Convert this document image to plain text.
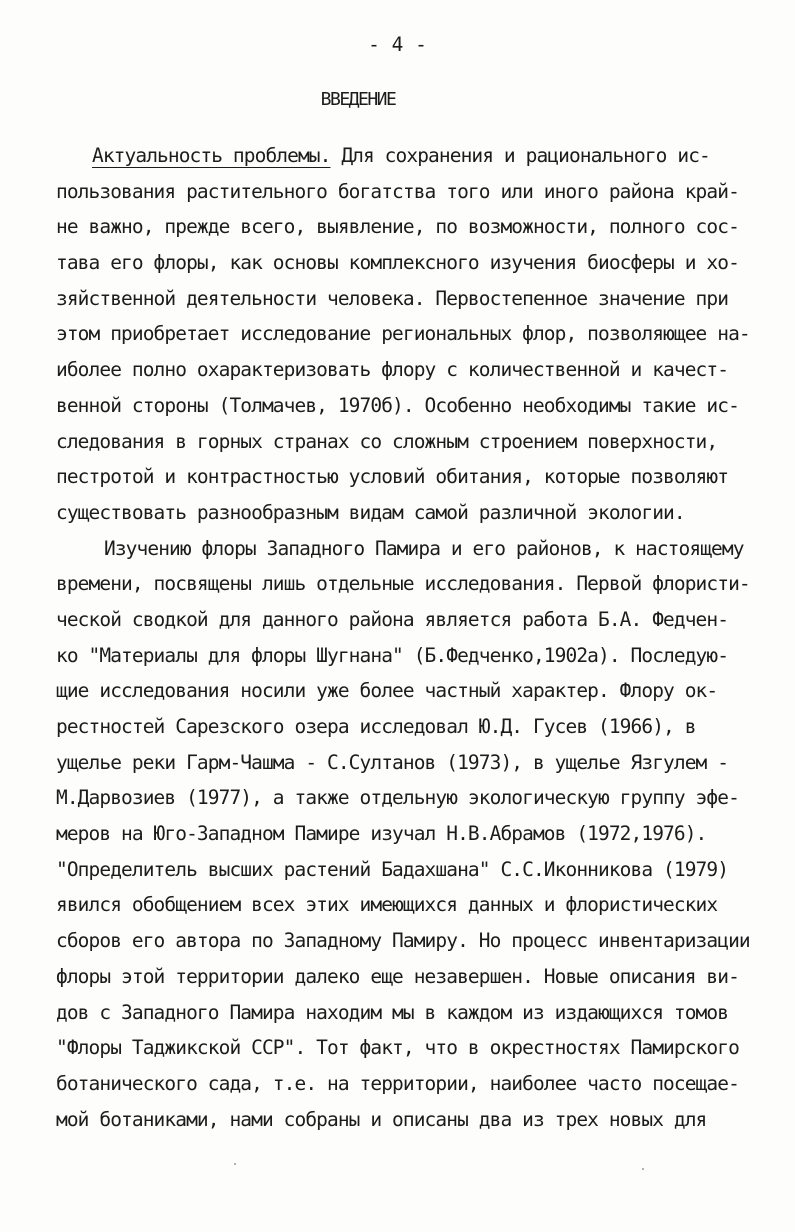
- 4 -
ВВЕДЕНИЕ
Актуальность проблемы. Для сохранения и рационального ис-
пользования растительного богатства того или иного района край-
не важно, прежде всего, выявление, по возможности, полного сос-
тава его флоры, как основы комплексного изучения биосферы и хо-
зяйственной деятельности человека. Первостепенное значение при
этом приобретает исследование региональных флор, позволяющее на-
иболее полно охарактеризовать флору с количественной и качест-
венной стороны (Толмачев, 1970б). Особенно необходимы такие ис-
следования в горных странах со сложным строением поверхности,
пестротой и контрастностью условий обитания, которые позволяют
существовать разнообразным видам самой различной экологии.
Изучению флоры Западного Памира и его районов, к настоящему
времени, посвящены лишь отдельные исследования. Первой флористи-
ческой сводкой для данного района является работа Б.А. Федчен-
ко "Материалы для флоры Шугнана" (Б.Федченко,1902а). Последую-
щие исследования носили уже более частный характер. Флору ок-
рестностей Сарезского озера исследовал Ю.Д. Гусев (1966), в
ущелье реки Гарм-Чашма - С.Султанов (1973), в ущелье Язгулем -
М.Дарвозиев (1977), а также отдельную экологическую группу эфе-
меров на Юго-Западном Памире изучал Н.В.Абрамов (1972,1976).
"Определитель высших растений Бадахшана" С.С.Иконникова (1979)
явился обобщением всех этих имеющихся данных и флористических
сборов его автора по Западному Памиру. Но процесс инвентаризации
флоры этой территории далеко еще незавершен. Новые описания ви-
дов с Западного Памира находим мы в каждом из издающихся томов
"Флоры Таджикской ССР". Тот факт, что в окрестностях Памирского
ботанического сада, т.е. на территории, наиболее часто посещае-
мой ботаниками, нами собраны и описаны два из трех новых для
